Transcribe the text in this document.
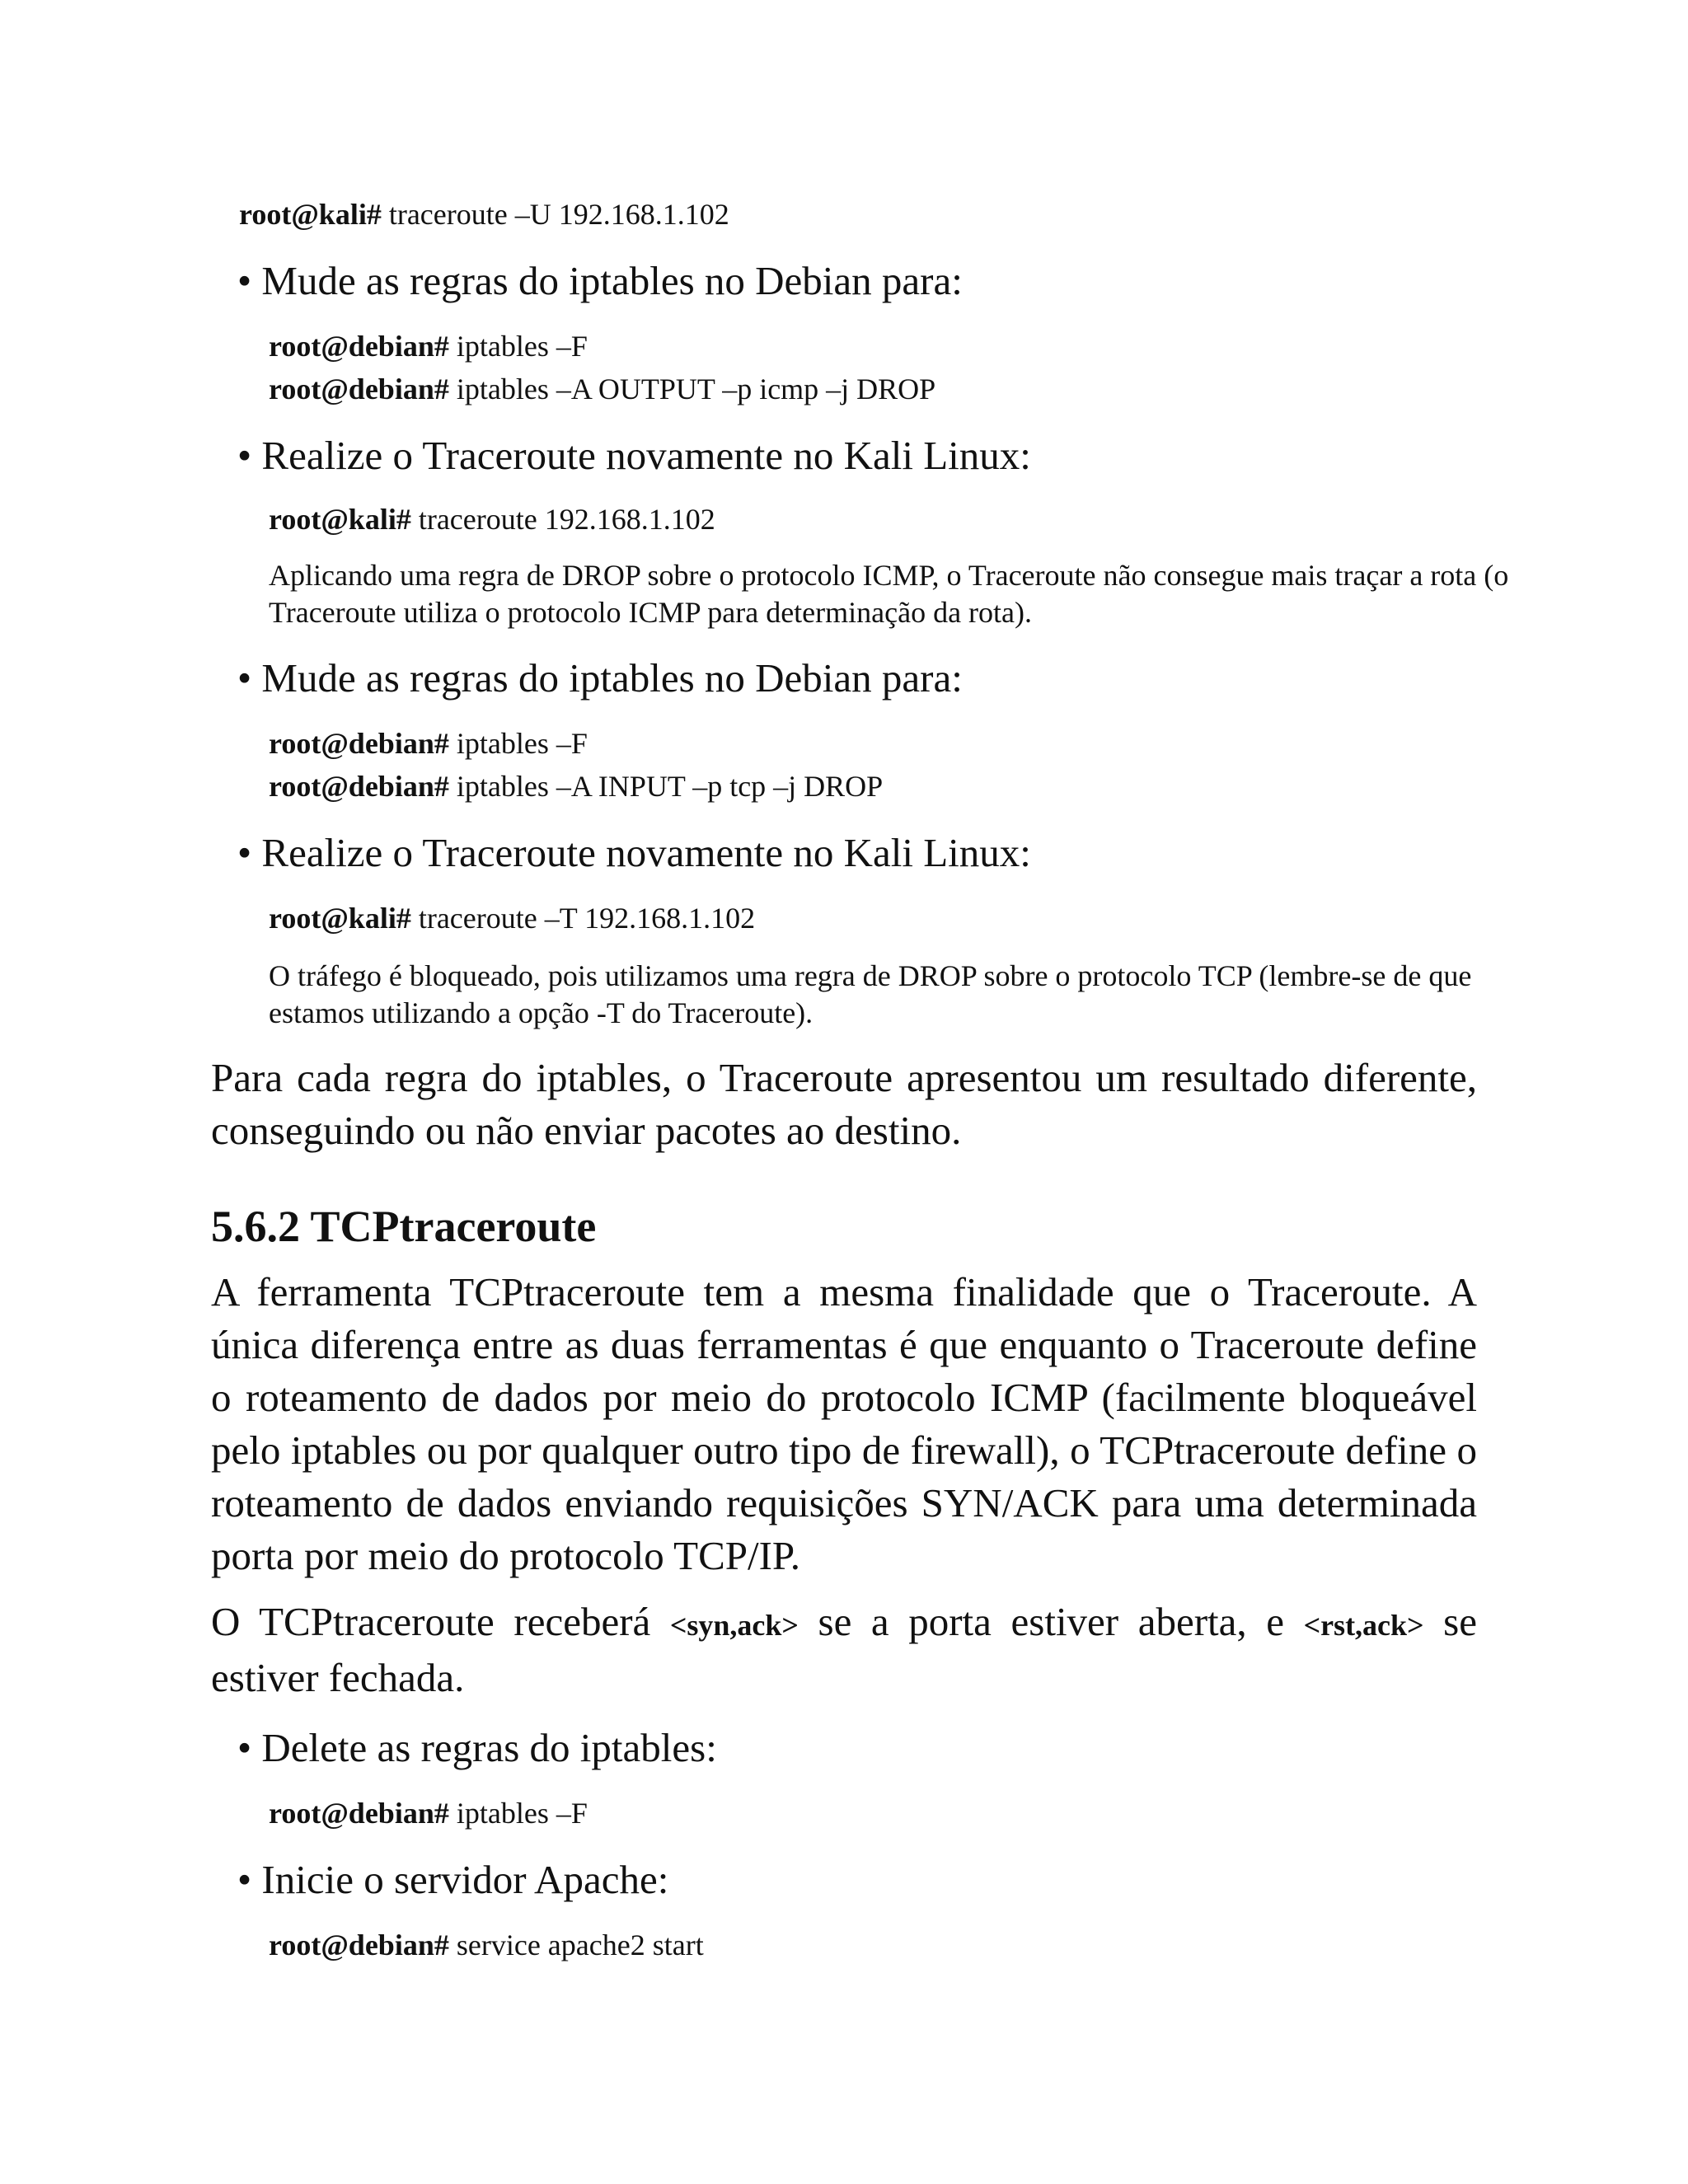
root@kali# traceroute –U 192.168.1.102

• Mude as regras do iptables no Debian para:

root@debian# iptables –F

root@debian# iptables –A OUTPUT –p icmp –j DROP

• Realize o Traceroute novamente no Kali Linux:

root@kali# traceroute 192.168.1.102

Aplicando uma regra de DROP sobre o protocolo ICMP, o Traceroute não consegue mais traçar a rota (o Traceroute utiliza o protocolo ICMP para determinação da rota).

• Mude as regras do iptables no Debian para:

root@debian# iptables –F

root@debian# iptables –A INPUT –p tcp –j DROP

• Realize o Traceroute novamente no Kali Linux:

root@kali# traceroute –T 192.168.1.102

O tráfego é bloqueado, pois utilizamos uma regra de DROP sobre o protocolo TCP (lembre-se de que estamos utilizando a opção -T do Traceroute).

Para cada regra do iptables, o Traceroute apresentou um resultado diferente, conseguindo ou não enviar pacotes ao destino.

5.6.2 TCPtraceroute

A ferramenta TCPtraceroute tem a mesma finalidade que o Traceroute. A única diferença entre as duas ferramentas é que enquanto o Traceroute define o roteamento de dados por meio do protocolo ICMP (facilmente bloqueável pelo iptables ou por qualquer outro tipo de firewall), o TCPtraceroute define o roteamento de dados enviando requisições SYN/ACK para uma determinada porta por meio do protocolo TCP/IP.

O TCPtraceroute receberá <syn,ack> se a porta estiver aberta, e <rst,ack> se estiver fechada.

• Delete as regras do iptables:

root@debian# iptables –F

• Inicie o servidor Apache:

root@debian# service apache2 start
